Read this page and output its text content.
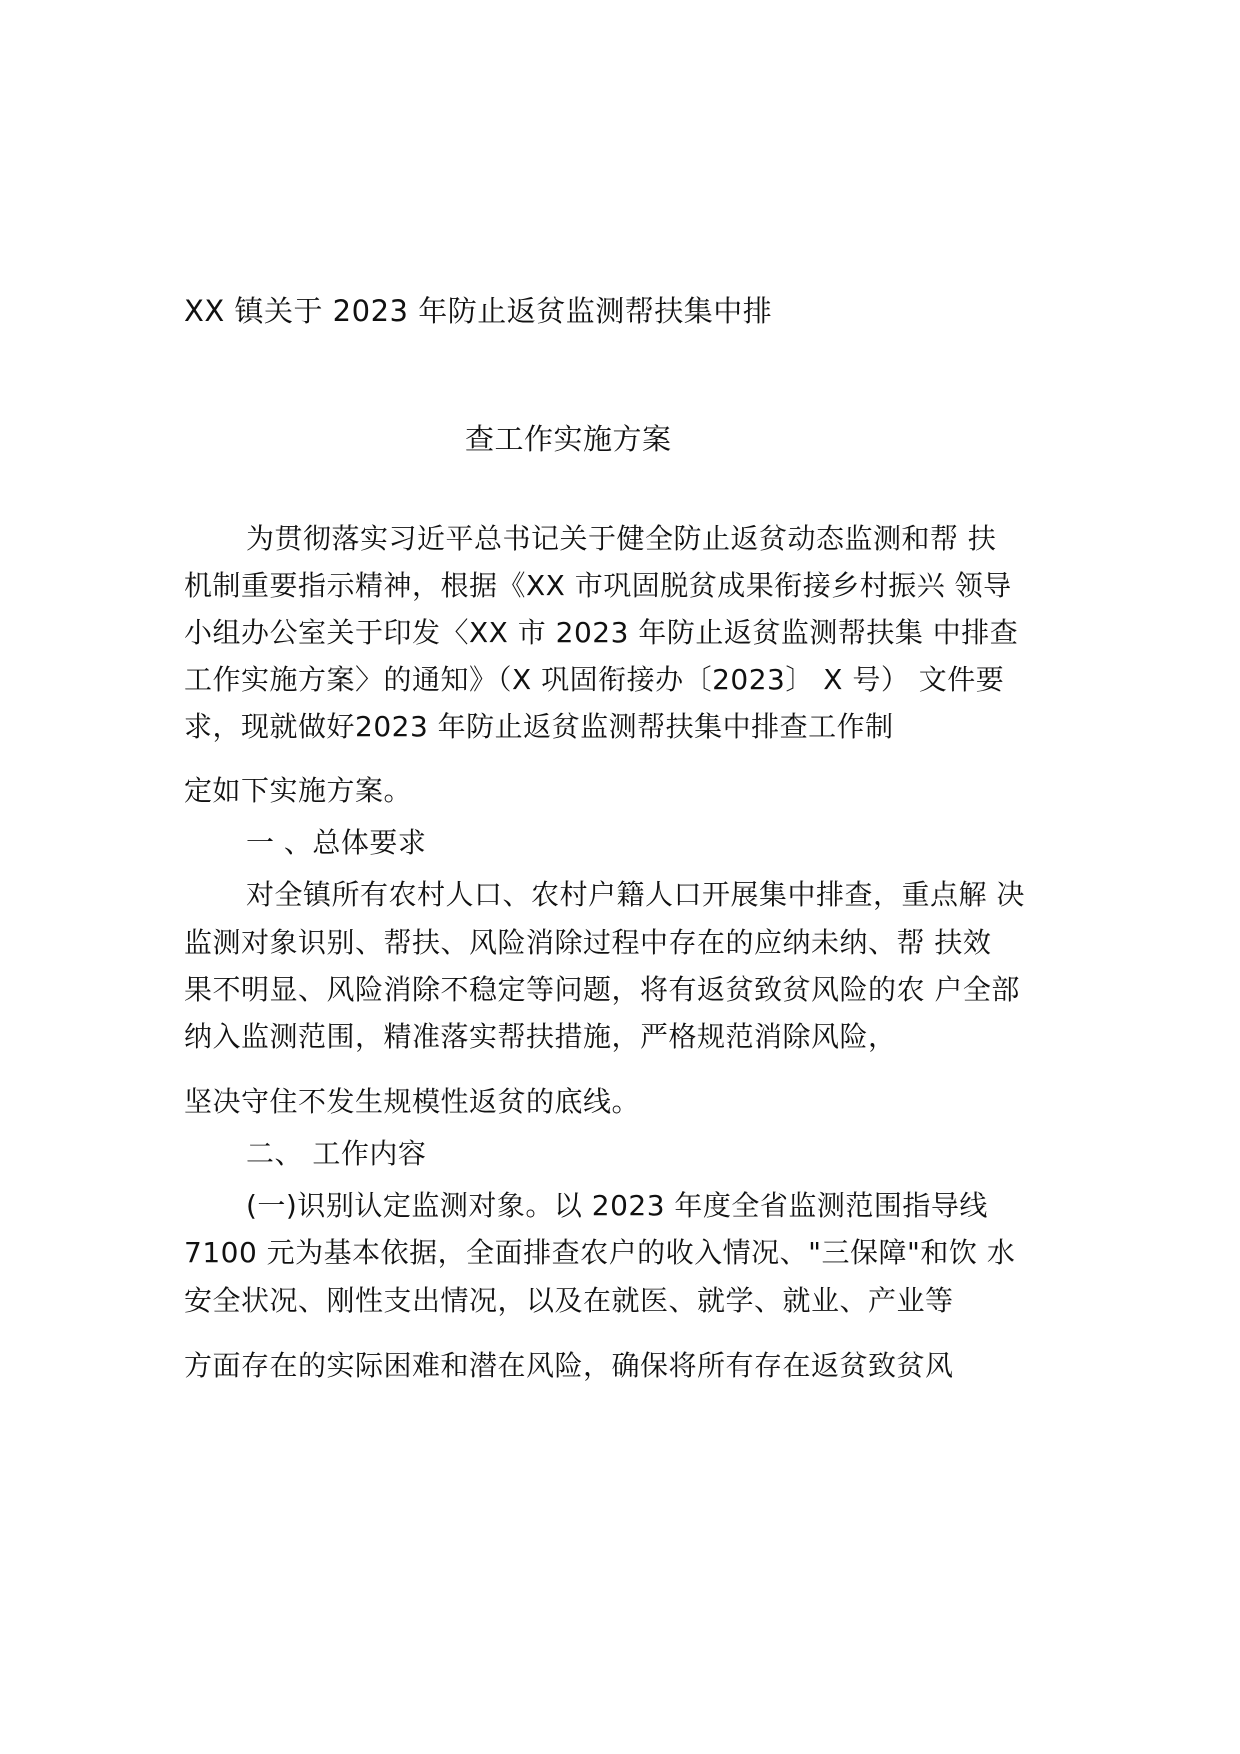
XX 镇关于 2023 年防止返贫监测帮扶集中排
查工作实施方案
为贯彻落实习近平总书记关于健全防止返贫动态监测和帮 扶
机制重要指示精神，根据《XX 市巩固脱贫成果衔接乡村振兴 领导
小组办公室关于印发〈XX 市 2023 年防止返贫监测帮扶集 中排查
工作实施方案〉的通知》（X 巩固衔接办〔2023〕 X 号） 文件要
求，现就做好2023 年防止返贫监测帮扶集中排查工作制
定如下实施方案。
一 、总体要求
对全镇所有农村人口、农村户籍人口开展集中排查，重点解 决
监测对象识别、帮扶、风险消除过程中存在的应纳未纳、帮 扶效
果不明显、风险消除不稳定等问题，将有返贫致贫风险的农 户全部
纳入监测范围，精准落实帮扶措施，严格规范消除风险，
坚决守住不发生规模性返贫的底线。
二、 工作内容
(一)识别认定监测对象。以 2023 年度全省监测范围指导线
7100 元为基本依据，全面排查农户的收入情况、"三保障"和饮 水
安全状况、刚性支出情况，以及在就医、就学、就业、产业等
方面存在的实际困难和潜在风险，确保将所有存在返贫致贫风
